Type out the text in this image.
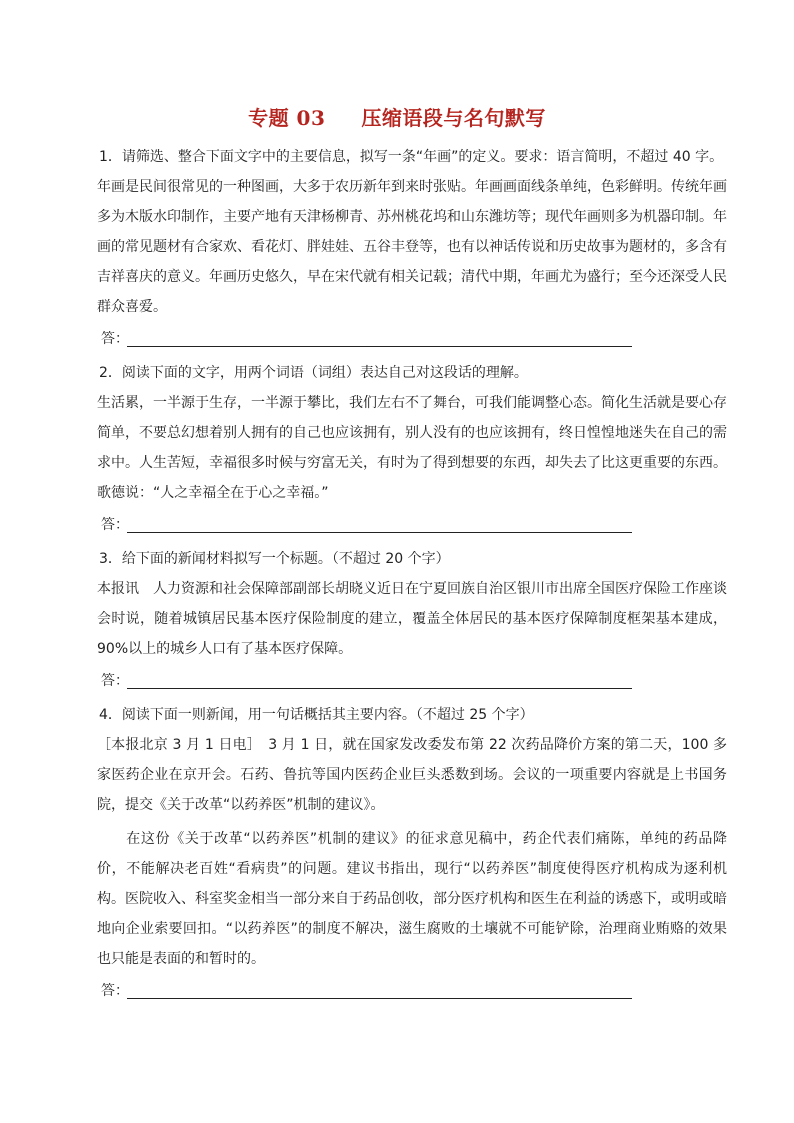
专题 03 压缩语段与名句默写

1．请筛选、整合下面文字中的主要信息，拟写一条“年画”的定义。要求：语言简明，不超过 40 字。

年画是民间很常见的一种图画，大多于农历新年到来时张贴。年画画面线条单纯，色彩鲜明。传统年画多为木版水印制作，主要产地有天津杨柳青、苏州桃花坞和山东潍坊等；现代年画则多为机器印制。年画的常见题材有合家欢、看花灯、胖娃娃、五谷丰登等，也有以神话传说和历史故事为题材的，多含有吉祥喜庆的意义。年画历史悠久，早在宋代就有相关记载；清代中期，年画尤为盛行；至今还深受人民群众喜爱。

答：

2．阅读下面的文字，用两个词语（词组）表达自己对这段话的理解。

生活累，一半源于生存，一半源于攀比，我们左右不了舞台，可我们能调整心态。简化生活就是要心存简单，不要总幻想着别人拥有的自己也应该拥有，别人没有的也应该拥有，终日惶惶地迷失在自己的需求中。人生苦短，幸福很多时候与穷富无关，有时为了得到想要的东西，却失去了比这更重要的东西。歌德说：“人之幸福全在于心之幸福。”

答：

3．给下面的新闻材料拟写一个标题。（不超过 20 个字）

本报讯　人力资源和社会保障部副部长胡晓义近日在宁夏回族自治区银川市出席全国医疗保险工作座谈会时说，随着城镇居民基本医疗保险制度的建立，覆盖全体居民的基本医疗保障制度框架基本建成，90%以上的城乡人口有了基本医疗保障。

答：

4．阅读下面一则新闻，用一句话概括其主要内容。（不超过 25 个字）

［本报北京 3 月 1 日电］　3 月 1 日，就在国家发改委发布第 22 次药品降价方案的第二天，100 多家医药企业在京开会。石药、鲁抗等国内医药企业巨头悉数到场。会议的一项重要内容就是上书国务院，提交《关于改革“以药养医”机制的建议》。

　　在这份《关于改革“以药养医”机制的建议》的征求意见稿中，药企代表们痛陈，单纯的药品降价，不能解决老百姓“看病贵”的问题。建议书指出，现行“以药养医”制度使得医疗机构成为逐利机构。医院收入、科室奖金相当一部分来自于药品创收，部分医疗机构和医生在利益的诱惑下，或明或暗地向企业索要回扣。“以药养医”的制度不解决，滋生腐败的土壤就不可能铲除，治理商业贿赂的效果也只能是表面的和暂时的。

答：
